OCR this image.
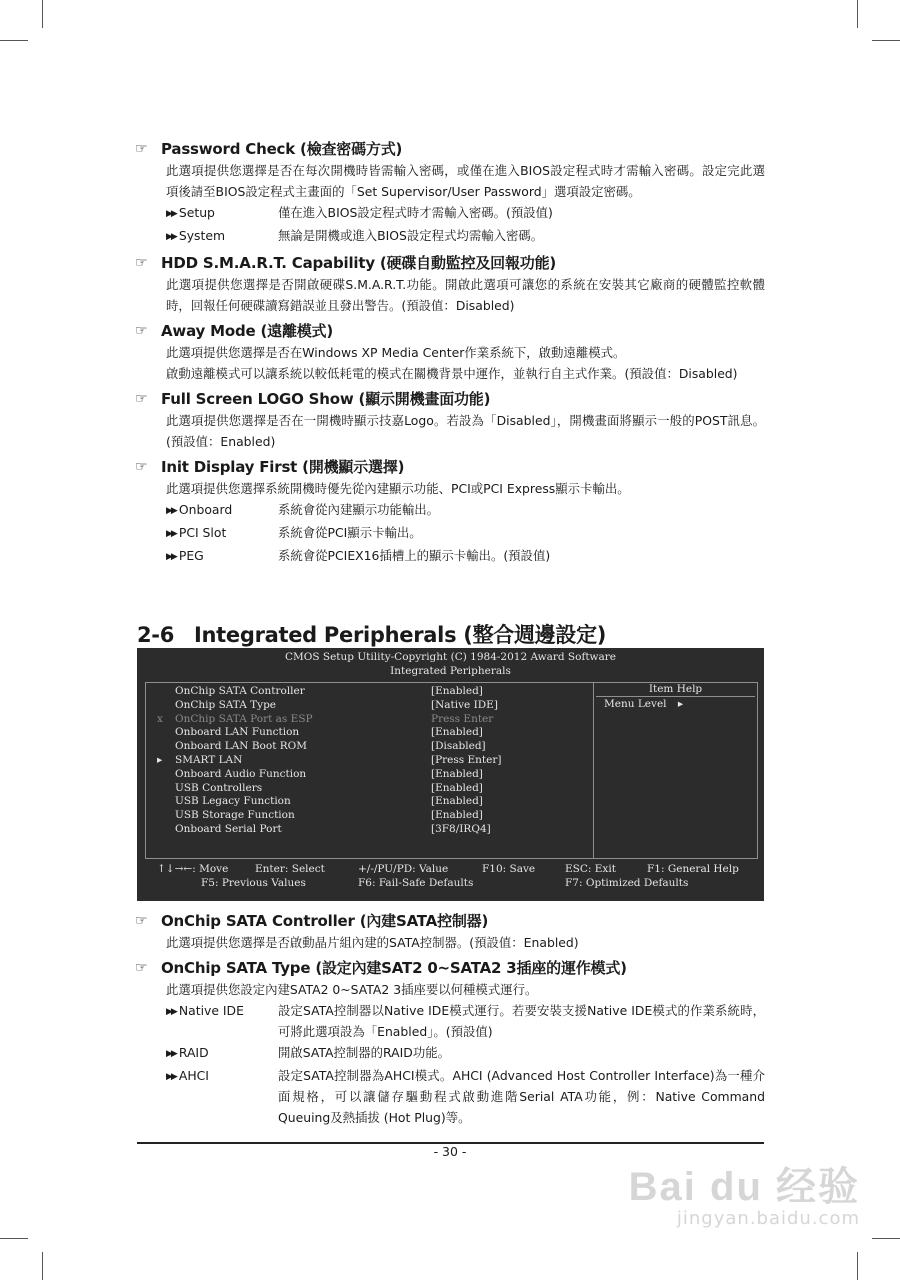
☞ Password Check (檢查密碼方式)
此選項提供您選擇是否在每次開機時皆需輸入密碼，或僅在進入BIOS設定程式時才需輸入密碼。設定完此選項後請至BIOS設定程式主畫面的「Set Supervisor/User Password」選項設定密碼。
▶▶ Setup	僅在進入BIOS設定程式時才需輸入密碼。(預設值)
▶▶ System	無論是開機或進入BIOS設定程式均需輸入密碼。
☞ HDD S.M.A.R.T. Capability (硬碟自動監控及回報功能)
此選項提供您選擇是否開啟硬碟S.M.A.R.T.功能。開啟此選項可讓您的系統在安裝其它廠商的硬體監控軟體時，回報任何硬碟讀寫錯誤並且發出警告。(預設值：Disabled)
☞ Away Mode (遠離模式)
此選項提供您選擇是否在Windows XP Media Center作業系統下，啟動遠離模式。
啟動遠離模式可以讓系統以較低耗電的模式在關機背景中運作，並執行自主式作業。(預設值：Disabled)
☞ Full Screen LOGO Show (顯示開機畫面功能)
此選項提供您選擇是否在一開機時顯示技嘉Logo。若設為「Disabled」，開機畫面將顯示一般的POST訊息。(預設值：Enabled)
☞ Init Display First (開機顯示選擇)
此選項提供您選擇系統開機時優先從內建顯示功能、PCI或PCI Express顯示卡輸出。
▶▶ Onboard	系統會從內建顯示功能輸出。
▶▶ PCI Slot	系統會從PCI顯示卡輸出。
▶▶ PEG	系統會從PCIEX16插槽上的顯示卡輸出。(預設值)
2-6 Integrated Peripherals (整合週邊設定)
CMOS Setup Utility-Copyright (C) 1984-2012 Award Software
Integrated Peripherals
OnChip SATA Controller	[Enabled]
OnChip SATA Type	[Native IDE]
x OnChip SATA Port as ESP	Press Enter
Onboard LAN Function	[Enabled]
Onboard LAN Boot ROM	[Disabled]
▸ SMART LAN	[Press Enter]
Onboard Audio Function	[Enabled]
USB Controllers	[Enabled]
USB Legacy Function	[Enabled]
USB Storage Function	[Enabled]
Onboard Serial Port	[3F8/IRQ4]
Item Help
Menu Level ▸
↑↓→←: Move	Enter: Select	+/-/PU/PD: Value	F10: Save	ESC: Exit	F1: General Help
F5: Previous Values	F6: Fail-Safe Defaults	F7: Optimized Defaults
☞ OnChip SATA Controller (內建SATA控制器)
此選項提供您選擇是否啟動晶片組內建的SATA控制器。(預設值：Enabled)
☞ OnChip SATA Type (設定內建SAT2 0~SATA2 3插座的運作模式)
此選項提供您設定內建SATA2 0~SATA2 3插座要以何種模式運行。
▶▶ Native IDE	設定SATA控制器以Native IDE模式運行。若要安裝支援Native IDE模式的作業系統時，可將此選項設為「Enabled」。(預設值)
▶▶ RAID	開啟SATA控制器的RAID功能。
▶▶ AHCI	設定SATA控制器為AHCI模式。AHCI (Advanced Host Controller Interface)為一種介面規格，可以讓儲存驅動程式啟動進階Serial ATA功能，例：Native Command Queuing及熱插拔 (Hot Plug)等。
- 30 -
Bai du 经验
jingyan.baidu.com
